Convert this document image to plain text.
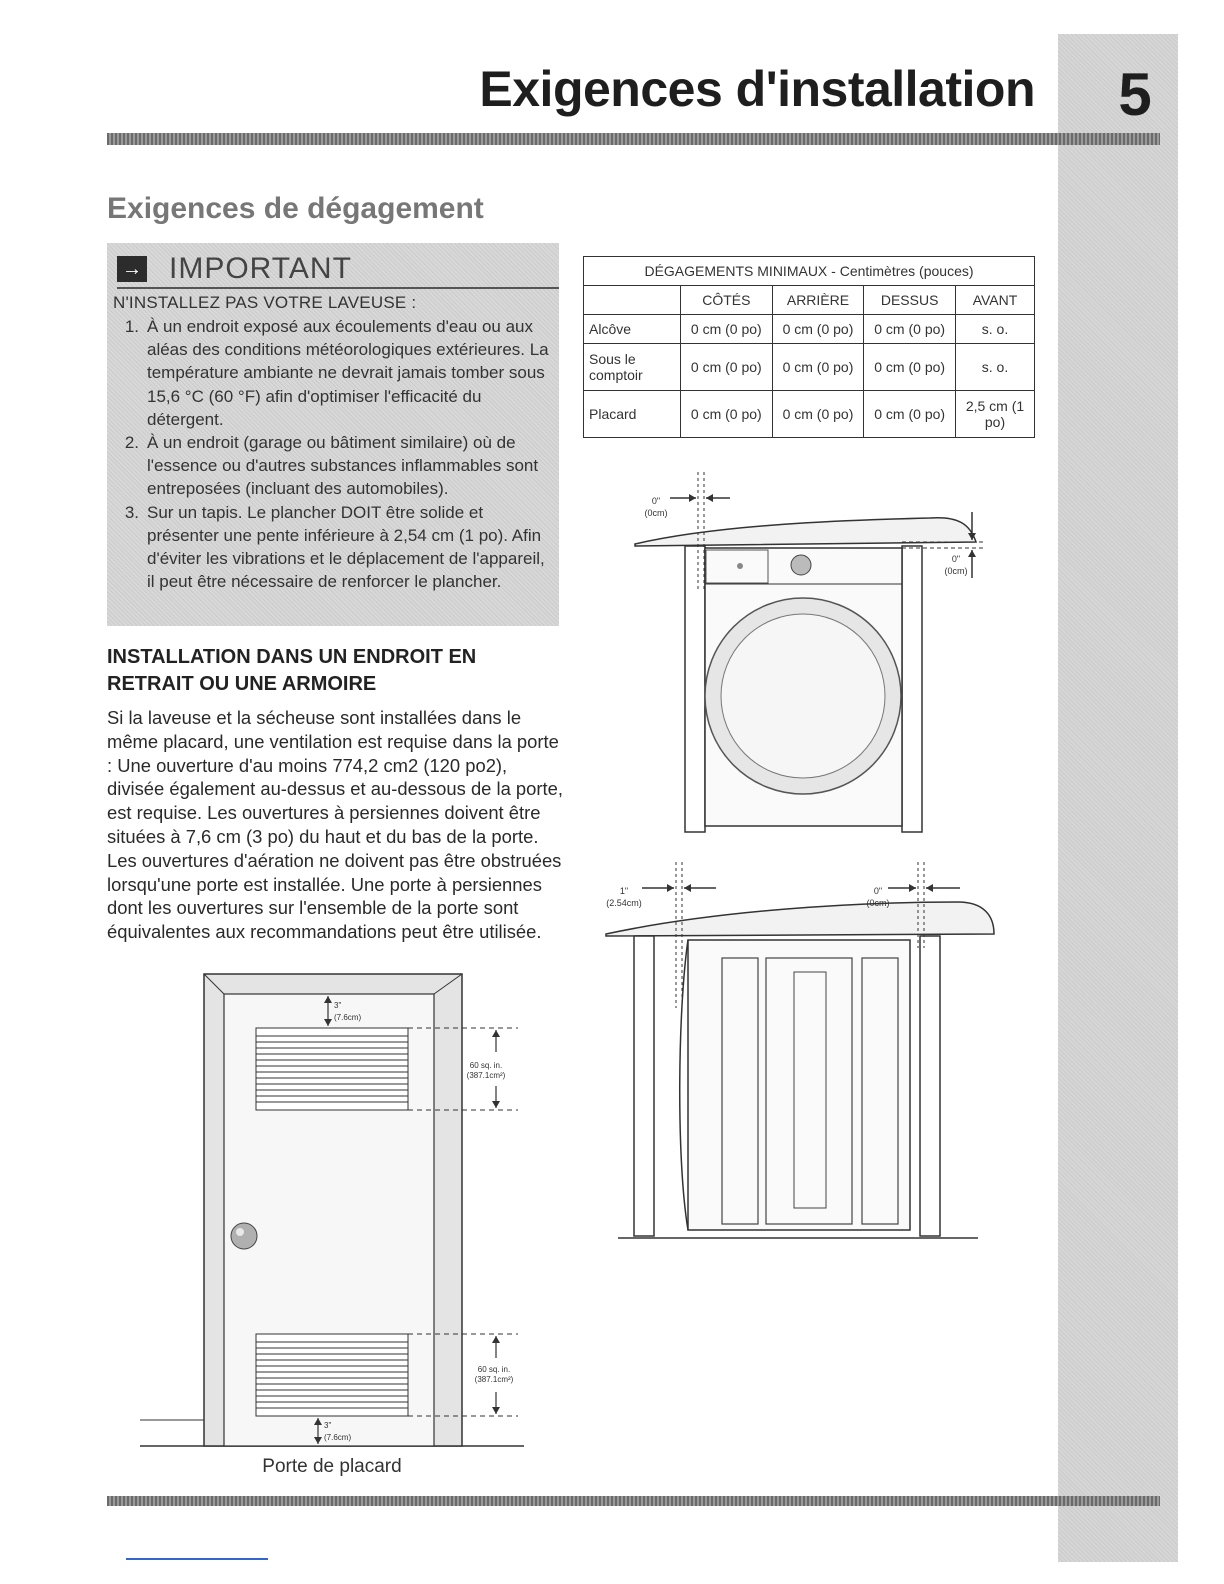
5
Exigences d'installation
Exigences de dégagement
→ IMPORTANT
N'INSTALLEZ PAS VOTRE LAVEUSE :
1. À un endroit exposé aux écoulements d'eau ou aux aléas des conditions météorologiques extérieures. La température ambiante ne devrait jamais tomber sous 15,6 °C (60 °F) afin d'optimiser l'efficacité du détergent.
2. À un endroit (garage ou bâtiment similaire) où de l'essence ou d'autres substances inflammables sont entreposées (incluant des automobiles).
3. Sur un tapis. Le plancher DOIT être solide et présenter une pente inférieure à 2,54 cm (1 po). Afin d'éviter les vibrations et le déplacement de l'appareil, il peut être nécessaire de renforcer le plancher.
INSTALLATION DANS UN ENDROIT EN RETRAIT OU UNE ARMOIRE
Si la laveuse et la sécheuse sont installées dans le même placard, une ventilation est requise dans la porte : Une ouverture d'au moins 774,2 cm2 (120 po2), divisée également au-dessus et au-dessous de la porte, est requise. Les ouvertures à persiennes doivent être situées à 7,6 cm (3 po) du haut et du bas de la porte. Les ouvertures d'aération ne doivent pas être obstruées lorsqu'une porte est installée. Une porte à persiennes dont les ouvertures sur l'ensemble de la porte sont équivalentes aux recommandations peut être utilisée.
DÉGAGEMENTS MINIMAUX - Centimètres (pouces)				
	CÔTÉS	ARRIÈRE	DESSUS	AVANT
Alcôve	0 cm (0 po)	0 cm (0 po)	0 cm (0 po)	s. o.
Sous le comptoir	0 cm (0 po)	0 cm (0 po)	0 cm (0 po)	s. o.
Placard	0 cm (0 po)	0 cm (0 po)	0 cm (0 po)	2,5 cm (1 po)
0"
(0cm)
0"
(0cm)
1"
(2.54cm)
0"
(0cm)
60 sq. in.
(387.1cm²)
60 sq. in.
(387.1cm²)
3"
(7.6cm)
3"
(7.6cm)
Porte de placard
